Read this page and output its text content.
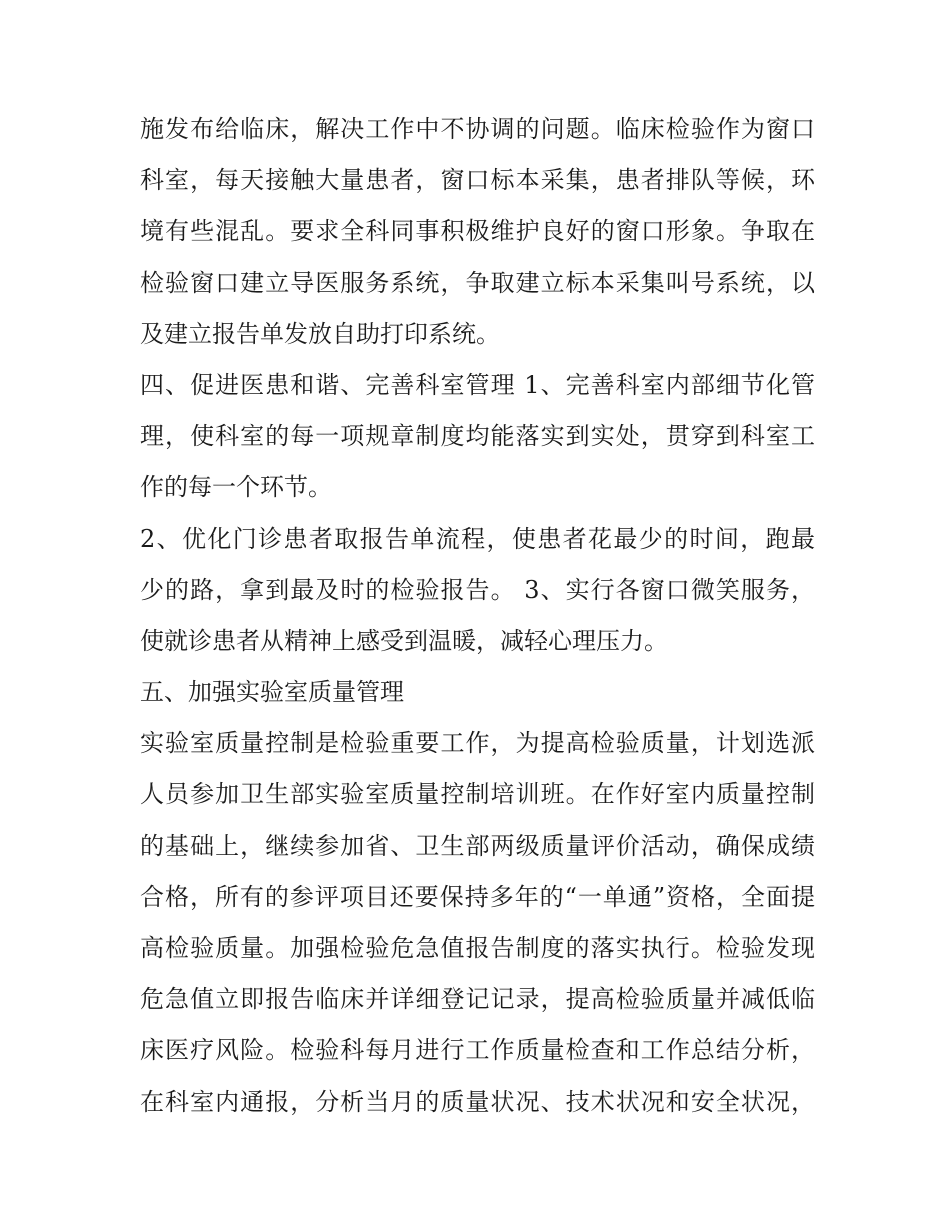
施发布给临床，解决工作中不协调的问题。临床检验作为窗口
科室，每天接触大量患者，窗口标本采集，患者排队等候，环
境有些混乱。要求全科同事积极维护良好的窗口形象。争取在
检验窗口建立导医服务系统，争取建立标本采集叫号系统，以
及建立报告单发放自助打印系统。
四、促进医患和谐、完善科室管理 1、完善科室内部细节化管
理，使科室的每一项规章制度均能落实到实处，贯穿到科室工
作的每一个环节。
2、优化门诊患者取报告单流程，使患者花最少的时间，跑最
少的路，拿到最及时的检验报告。 3、实行各窗口微笑服务，
使就诊患者从精神上感受到温暖，减轻心理压力。
五、加强实验室质量管理
实验室质量控制是检验重要工作，为提高检验质量，计划选派
人员参加卫生部实验室质量控制培训班。在作好室内质量控制
的基础上，继续参加省、卫生部两级质量评价活动，确保成绩
合格，所有的参评项目还要保持多年的“一单通”资格，全面提
高检验质量。加强检验危急值报告制度的落实执行。检验发现
危急值立即报告临床并详细登记记录，提高检验质量并减低临
床医疗风险。检验科每月进行工作质量检查和工作总结分析，
在科室内通报，分析当月的质量状况、技术状况和安全状况，
